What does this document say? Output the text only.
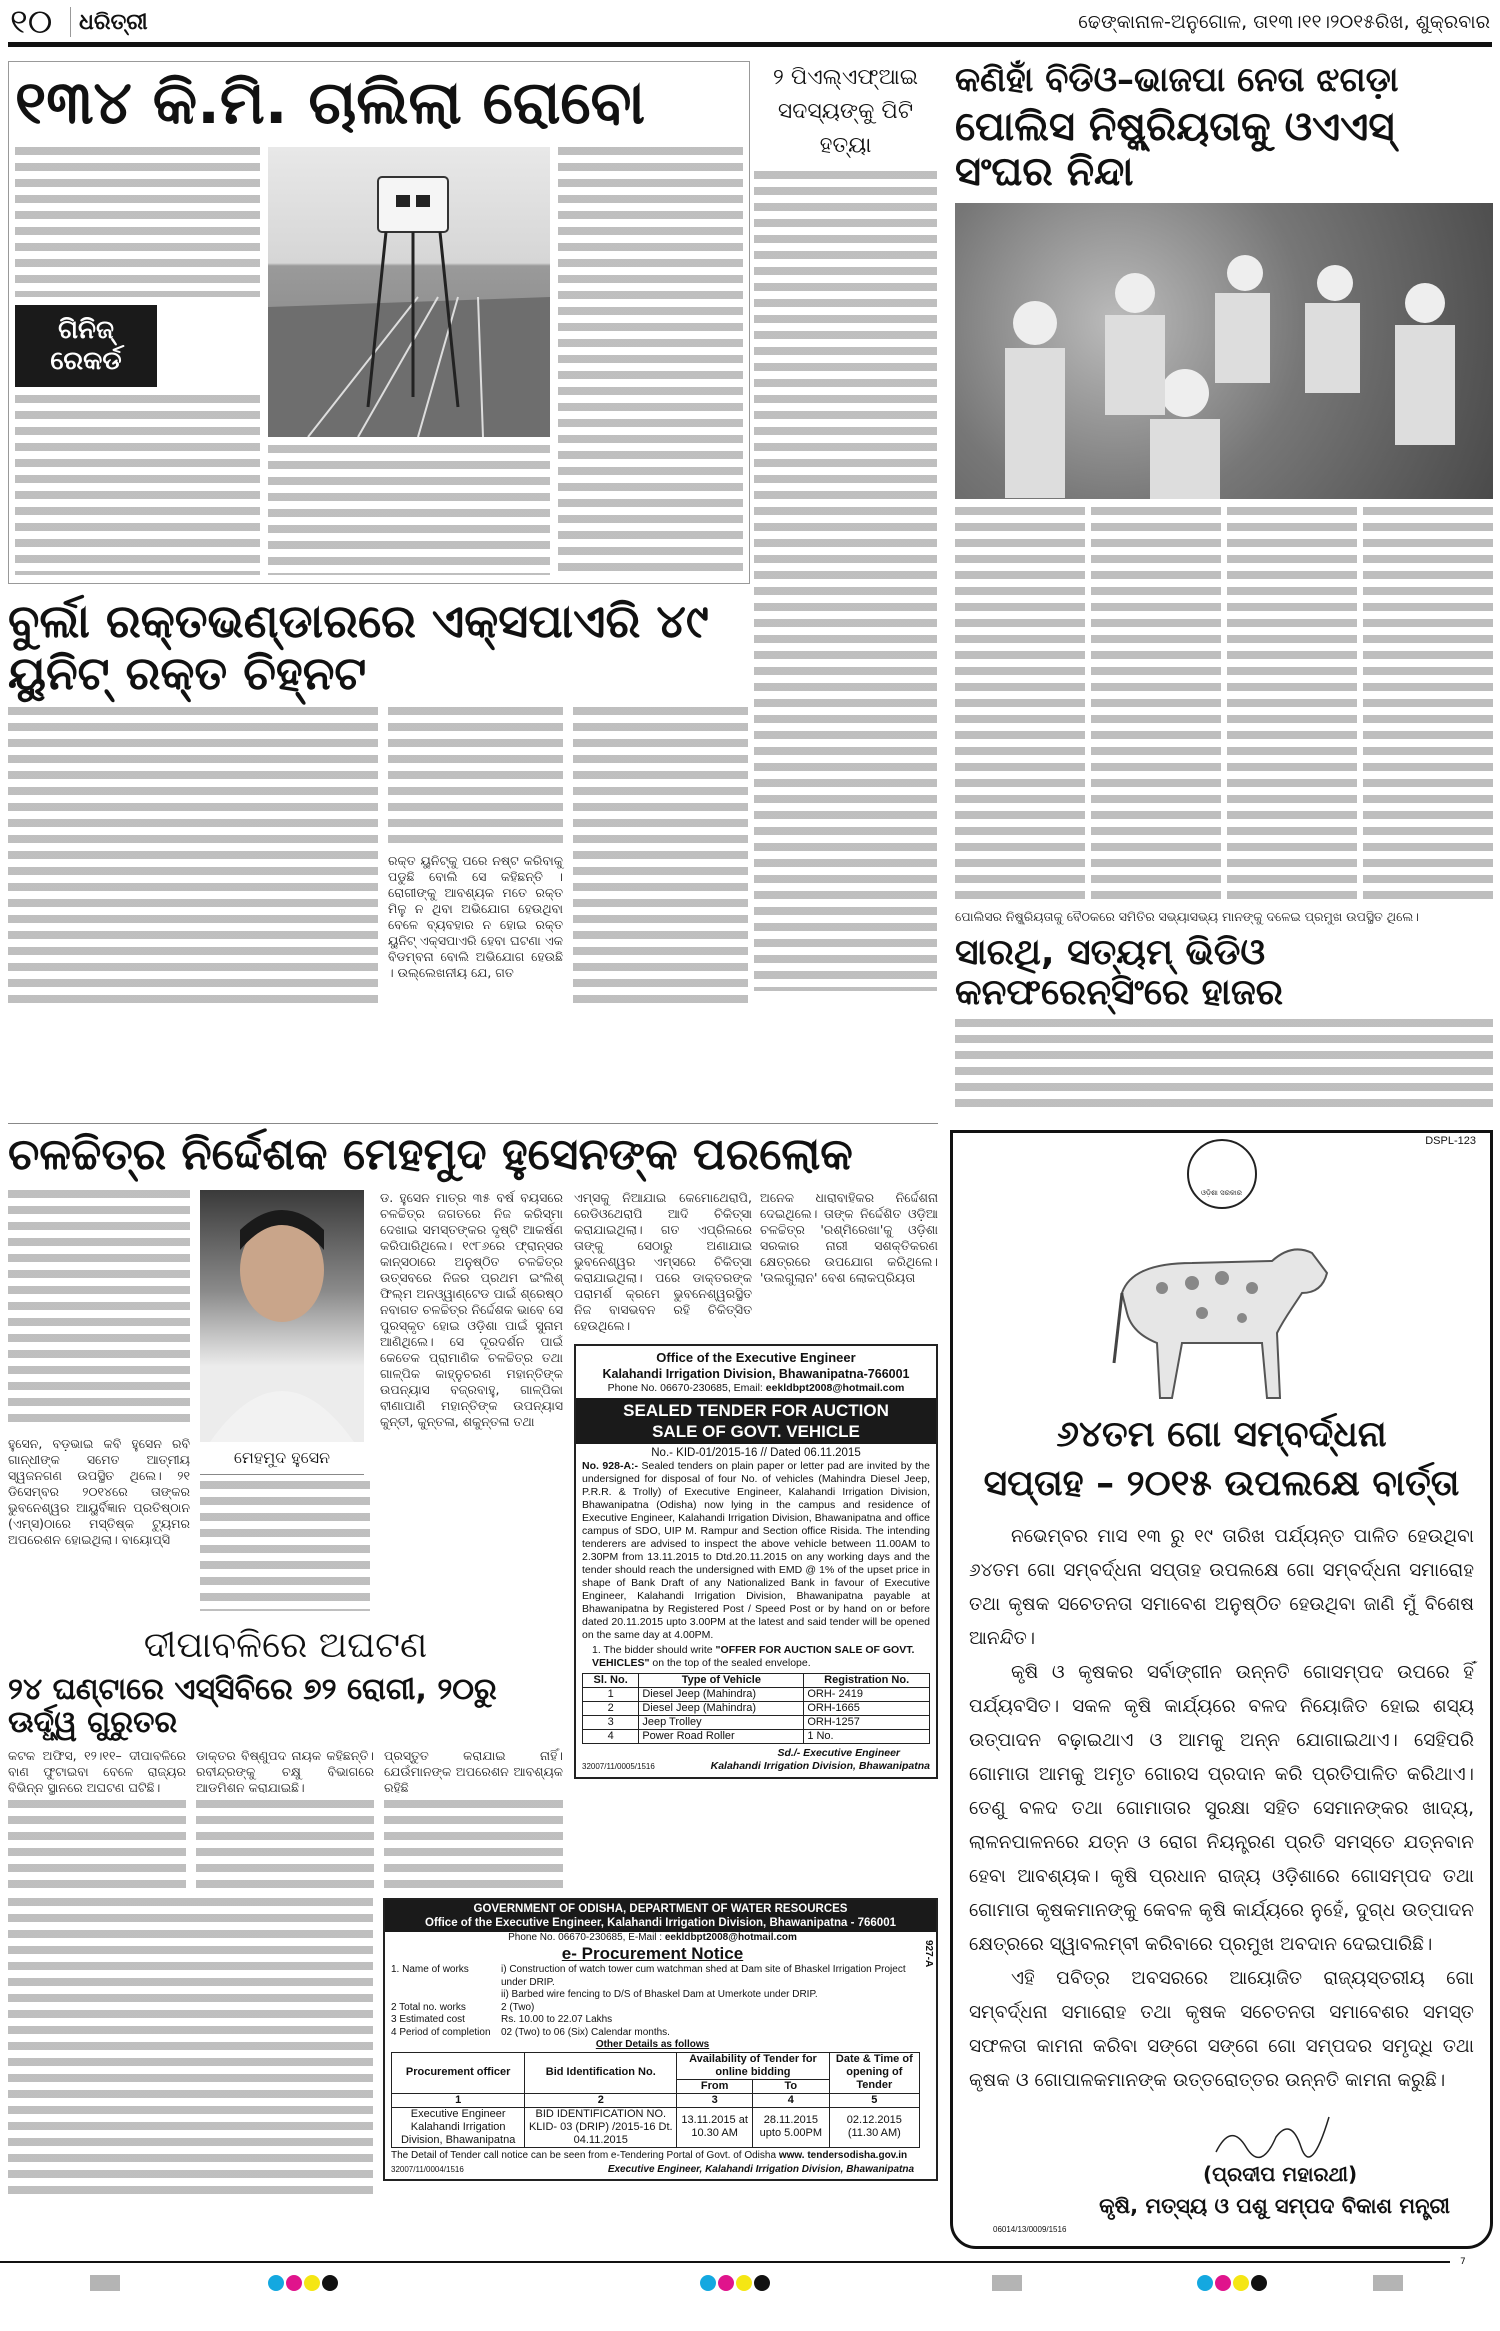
୧୦	ଧରିତ୍ରୀ	ଢେଙ୍କାନାଳ-ଅନୁଗୋଳ, ତା୧୩।୧୧।୨୦୧୫ରିଖ, ଶୁକ୍ରବାର
୧୩୪ କି.ମି. ଚାଲିଲା ରୋବୋ
ଗିନିଜ୍
ରେକର୍ଡ
ବୁର୍ଲା ରକ୍ତଭଣ୍ଡାରରେ ଏକ୍ସପାଏରି ୪୯ ୟୁନିଟ୍ ରକ୍ତ ଚିହ୍ନଟ
ରକ୍ତ ୟୁନିଟ୍‌କୁ ପରେ ନଷ୍ଟ କରିବାକୁ ପଡୁଛି ବୋଲି ସେ କହିଛନ୍ତି । ରୋଗୀଙ୍କୁ ଆବଶ୍ୟକ ମତେ ରକ୍ତ ମିଳୁ ନ ଥିବା ଅଭିଯୋଗ ହେଉଥିବା ବେଳେ ବ୍ୟବହାର ନ ହୋଇ ରକ୍ତ ୟୁନିଟ୍ ଏକ୍ସପାଏରି ହେବା ଘଟଣା ଏକ ବିଡମ୍ବନା ବୋଲି ଅଭିଯୋଗ ହେଉଛି । ଉଲ୍ଲେଖନୀୟ ଯେ, ଗତ
୨ ପିଏଲ୍ଏଫ୍ଆଇ ସଦସ୍ୟଙ୍କୁ ପିଟି ହତ୍ୟା
କଣିହାଁ ବିଡିଓ–ଭାଜପା ନେତା ଝଗଡ଼ା
ପୋଲିସ ନିଷ୍କ୍ରିୟତାକୁ ଓଏଏସ୍ ସଂଘର ନିନ୍ଦା
ପୋଲିସର ନିଷ୍କ୍ରିୟତାକୁ ବୈଠକରେ ସମିତିର ସଭ୍ୟାସଭ୍ୟ ମାନଙ୍କୁ ଦଳେଇ ପ୍ରମୁଖ ଉପସ୍ଥିତ ଥିଲେ।
ସାରଥି, ସତ୍ୟମ୍ ଭିଡିଓ କନଫରେନ୍ସିଂରେ ହାଜର
ଚଳଚ୍ଚିତ୍ର ନିର୍ଦ୍ଦେଶକ ମେହମୁଦ ହୁସେନଙ୍କ ପରଲୋକ
ହୁସେନ, ବଡ଼ଭାଇ କବି ହୁସେନ ରବି ଗାନ୍ଧୀଙ୍କ ସମେତ ଆତ୍ମୀୟ ସ୍ୱଜନଗଣ ଉପସ୍ଥିତ ଥିଲେ। ୨୧ ଡିସେମ୍ବର ୨୦୧୪ରେ ତାଙ୍କର ଭୁବନେଶ୍ୱର ଆୟୁର୍ବିଜ୍ଞାନ ପ୍ରତିଷ୍ଠାନ (ଏମ୍ସ)ଠାରେ ମସ୍ତିଷ୍କ ଟ୍ୟୁମର ଅପରେଶନ ହୋଇଥିଲା। ବାୟୋପ୍ସି
ମେହମୁଦ ହୁସେନ
ଡ. ହୁସେନ ମାତ୍ର ୩୫ ବର୍ଷ ବୟସରେ ଚଳଚ୍ଚିତ୍ର ଜଗତରେ ନିଜ କରିସ୍ମା ଦେଖାଇ ସମସ୍ତଙ୍କର ଦୃଷ୍ଟି ଆକର୍ଷଣ କରିପାରିଥିଲେ। ୧୯୮୬ରେ ଫ୍ରାନ୍ସର କାନ୍ସଠାରେ ଅନୁଷ୍ଠିତ ଚଳଚ୍ଚିତ୍ର ଉତ୍ସବରେ ନିଜର ପ୍ରଥମ ଇଂଲିଶ୍ ଫିଲ୍ମ ଅନଓ୍ୱାଣ୍ଟେଡ ପାଇଁ ଶ୍ରେଷ୍ଠ ନବାଗତ ଚଳଚ୍ଚିତ୍ର ନିର୍ଦ୍ଦେଶକ ଭାବେ ସେ ପୁରସ୍କୃତ ହୋଇ ଓଡ଼ିଶା ପାଇଁ ସୁନାମ ଆଣିଥିଲେ। ସେ ଦୂରଦର୍ଶନ ପାଇଁ କେତେକ ପ୍ରାମାଣିକ ଚଳଚ୍ଚିତ୍ର ତଥା ଗାଳ୍ପିକ କାହ୍ନୁଚରଣ ମହାନ୍ତିଙ୍କ ଉପନ୍ୟାସ ବଜ୍ରବାହୁ, ଗାଳ୍ପିକା ବୀଣାପାଣି ମହାନ୍ତିଙ୍କ ଉପନ୍ୟାସ କୁନ୍ତୀ, କୁନ୍ତଳା, ଶକୁନ୍ତଳା ତଥା
ଦୀପାବଳିରେ ଅଘଟଣ
୨୪ ଘଣ୍ଟାରେ ଏସ୍‌ସିବିରେ ୭୨ ରୋଗୀ, ୨୦ରୁ ଊର୍ଦ୍ଧ୍ୱ ଗୁରୁତର
କଟକ ଅଫିସ, ୧୨।୧୧– ଦୀପାବଳିରେ ବାଣ ଫୁଟାଇବା ବେଳେ ରାଜ୍ୟର ବିଭିନ୍ନ ସ୍ଥାନରେ ଅଘଟଣ ଘଟିଛି।
ଡାକ୍ତର ବିଷ୍ଣୁପଦ ନାୟକ କହିଛନ୍ତି। ରବୀନ୍ଦ୍ରଙ୍କୁ ଚକ୍ଷୁ ବିଭାଗରେ ଆଡମିଶନ କରାଯାଇଛି।
ପ୍ରସ୍ତୁତ କରାଯାଇ ନାହିଁ। ଯେଉଁମାନଙ୍କ ଅପରେଶନ ଆବଶ୍ୟକ ରହିଛି
ଏମ୍ସକୁ ନିଆଯାଇ କେମୋଥେରାପି, ରେଡିଓଥେରାପି ଆଦି ଚିକିତ୍ସା କରାଯାଇଥିଲା। ଗତ ଏପ୍ରିଲରେ ତାଙ୍କୁ ସେଠାରୁ ଅଣାଯାଇ ଭୁବନେଶ୍ୱର ଏମ୍ସରେ ଚିକିତ୍ସା କରାଯାଇଥିଲା। ପରେ ଡାକ୍ତରଙ୍କ ପରାମର୍ଶ କ୍ରମେ ଭୁବନେଶ୍ୱରସ୍ଥିତ ନିଜ ବାସଭବନ ରହି ଚିକିତ୍ସିତ ହେଉଥିଲେ।
ଅନେକ ଧାରାବାହିକର ନିର୍ଦ୍ଦେଶନା ଦେଇଥିଲେ। ତାଙ୍କ ନିର୍ଦ୍ଦେଶିତ ଓଡ଼ିଆ ଚଳଚ୍ଚିତ୍ର 'ରଶ୍ମିରେଖା'କୁ ଓଡ଼ିଶା ସରକାର ନାରୀ ସଶକ୍ତିକରଣ କ୍ଷେତ୍ରରେ ଉପଯୋଗ କରିଥିଲେ। 'ଉଲଗୁଲାନ' ବେଶ ଲୋକପ୍ରିୟତା
Office of the Executive Engineer
Kalahandi Irrigation Division, Bhawanipatna-766001
Phone No. 06670-230685, Email: eekldbpt2008@hotmail.com
SEALED TENDER FOR AUCTION
SALE OF GOVT. VEHICLE
No.- KID-01/2015-16 // Dated 06.11.2015
No. 928-A:- Sealed tenders on plain paper or letter pad are invited by the undersigned for disposal of four No. of vehicles (Mahindra Diesel Jeep, P.R.R. & Trolly) of Executive Engineer, Kalahandi Irrigation Division, Bhawanipatna (Odisha) now lying in the campus and residence of Executive Engineer, Kalahandi Irrigation Division, Bhawanipatna and office campus of SDO, UIP M. Rampur and Section office Risida. The intending tenderers are advised to inspect the above vehicle between 11.00AM to 2.30PM from 13.11.2015 to Dtd.20.11.2015 on any working days and the tender should reach the undersigned with EMD @ 1% of the upset price in shape of Bank Draft of any Nationalized Bank in favour of Executive Engineer, Kalahandi Irrigation Division, Bhawanipatna payable at Bhawanipatna by Registered Post / Speed Post or by hand on or before dated 20.11.2015 upto 3.00PM at the latest and said tender will be opened on the same day at 4.00PM.
1. The bidder should write "OFFER FOR AUCTION SALE OF GOVT. VEHICLES" on the top of the sealed envelope.
Sl. No.	Type of Vehicle	Registration No.
1	Diesel Jeep (Mahindra)	ORH- 2419
2	Diesel Jeep (Mahindra)	ORH-1665
3	Jeep Trolley	ORH-1257
4	Power Road Roller	1 No.
Sd./- Executive Engineer
32007/11/0005/1516	Kalahandi Irrigation Division, Bhawanipatna
GOVERNMENT OF ODISHA, DEPARTMENT OF WATER RESOURCES
Office of the Executive Engineer, Kalahandi Irrigation Division, Bhawanipatna - 766001
927-A
Phone No. 06670-230685, E-Mail : eekldbpt2008@hotmail.com
e- Procurement Notice
1. Name of works	i) Construction of watch tower cum watchman shed at Dam site of Bhaskel Irrigation Project under DRIP.
ii) Barbed wire fencing to D/S of Bhaskel Dam at Umerkote under DRIP.
2 Total no. works	2 (Two)
3 Estimated cost	Rs. 10.00 to 22.07 Lakhs
4 Period of completion	02 (Two) to 06 (Six) Calendar months.
Other Details as follows
Procurement officer	Bid Identification No.	Availability of Tender for online bidding		Date & Time of opening of Tender
		From	To	
1	2	3	4	5
Executive Engineer Kalahandi Irrigation Division, Bhawanipatna	BID IDENTIFICATION NO. KLID- 03 (DRIP) /2015-16 Dt. 04.11.2015	13.11.2015 at 10.30 AM	28.11.2015 upto 5.00PM	02.12.2015 (11.30 AM)
The Detail of Tender call notice can be seen from e-Tendering Portal of Govt. of Odisha www. tendersodisha.gov.in
32007/11/0004/1516	Executive Engineer, Kalahandi Irrigation Division, Bhawanipatna
DSPL-123
ଓଡ଼ିଶା ସରକାର
୬୪ତମ ଗୋ ସମ୍ବର୍ଦ୍ଧନା
ସପ୍ତାହ – ୨୦୧୫ ଉପଲକ୍ଷେ ବାର୍ତ୍ତା

ନଭେମ୍ବର ମାସ ୧୩ ରୁ ୧୯ ତାରିଖ ପର୍ଯ୍ୟନ୍ତ ପାଳିତ ହେଉଥିବା ୬୪ତମ ଗୋ ସମ୍ବର୍ଦ୍ଧନା ସପ୍ତାହ ଉପଲକ୍ଷେ ଗୋ ସମ୍ବର୍ଦ୍ଧନା ସମାରୋହ ତଥା କୃଷକ ସଚେତନତା ସମାବେଶ ଅନୁଷ୍ଠିତ ହେଉଥିବା ଜାଣି ମୁଁ ବିଶେଷ ଆନନ୍ଦିତ।

କୃଷି ଓ କୃଷକର ସର୍ବାଙ୍ଗୀନ ଉନ୍ନତି ଗୋସମ୍ପଦ ଉପରେ ହିଁ ପର୍ଯ୍ୟବସିତ। ସକଳ କୃଷି କାର୍ଯ୍ୟରେ ବଳଦ ନିୟୋଜିତ ହୋଇ ଶସ୍ୟ ଉତ୍ପାଦନ ବଢ଼ାଇଥାଏ ଓ ଆମକୁ ଅନ୍ନ ଯୋଗାଇଥାଏ। ସେହିପରି ଗୋମାତା ଆମକୁ ଅମୃତ ଗୋରସ ପ୍ରଦାନ କରି ପ୍ରତିପାଳିତ କରିଥାଏ। ତେଣୁ ବଳଦ ତଥା ଗୋମାତାର ସୁରକ୍ଷା ସହିତ ସେମାନଙ୍କର ଖାଦ୍ୟ, ଲାଳନପାଳନରେ ଯତ୍ନ ଓ ରୋଗ ନିୟନ୍ତ୍ରଣ ପ୍ରତି ସମସ୍ତେ ଯତ୍ନବାନ ହେବା ଆବଶ୍ୟକ। କୃଷି ପ୍ରଧାନ ରାଜ୍ୟ ଓଡ଼ିଶାରେ ଗୋସମ୍ପଦ ତଥା ଗୋମାତା କୃଷକମାନଙ୍କୁ କେବଳ କୃଷି କାର୍ଯ୍ୟରେ ନୁହେଁ, ଦୁଗ୍ଧ ଉତ୍ପାଦନ କ୍ଷେତ୍ରରେ ସ୍ୱାବଲମ୍ବୀ କରିବାରେ ପ୍ରମୁଖ ଅବଦାନ ଦେଇପାରିଛି।

ଏହି ପବିତ୍ର ଅବସରରେ ଆୟୋଜିତ ରାଜ୍ୟସ୍ତରୀୟ ଗୋ ସମ୍ବର୍ଦ୍ଧନା ସମାରୋହ ତଥା କୃଷକ ସଚେତନତା ସମାବେଶର ସମସ୍ତ ସଫଳତା କାମନା କରିବା ସଙ୍ଗେ ସଙ୍ଗେ ଗୋ ସମ୍ପଦର ସମୃଦ୍ଧି ତଥା କୃଷକ ଓ ଗୋପାଳକମାନଙ୍କ ଉତ୍ତରୋତ୍ତର ଉନ୍ନତି କାମନା କରୁଛି।

(ପ୍ରଦୀପ ମହାରଥୀ)
କୃଷି, ମତ୍ସ୍ୟ ଓ ପଶୁ ସମ୍ପଦ ବିକାଶ ମନ୍ତ୍ରୀ
06014/13/0009/1516
7
